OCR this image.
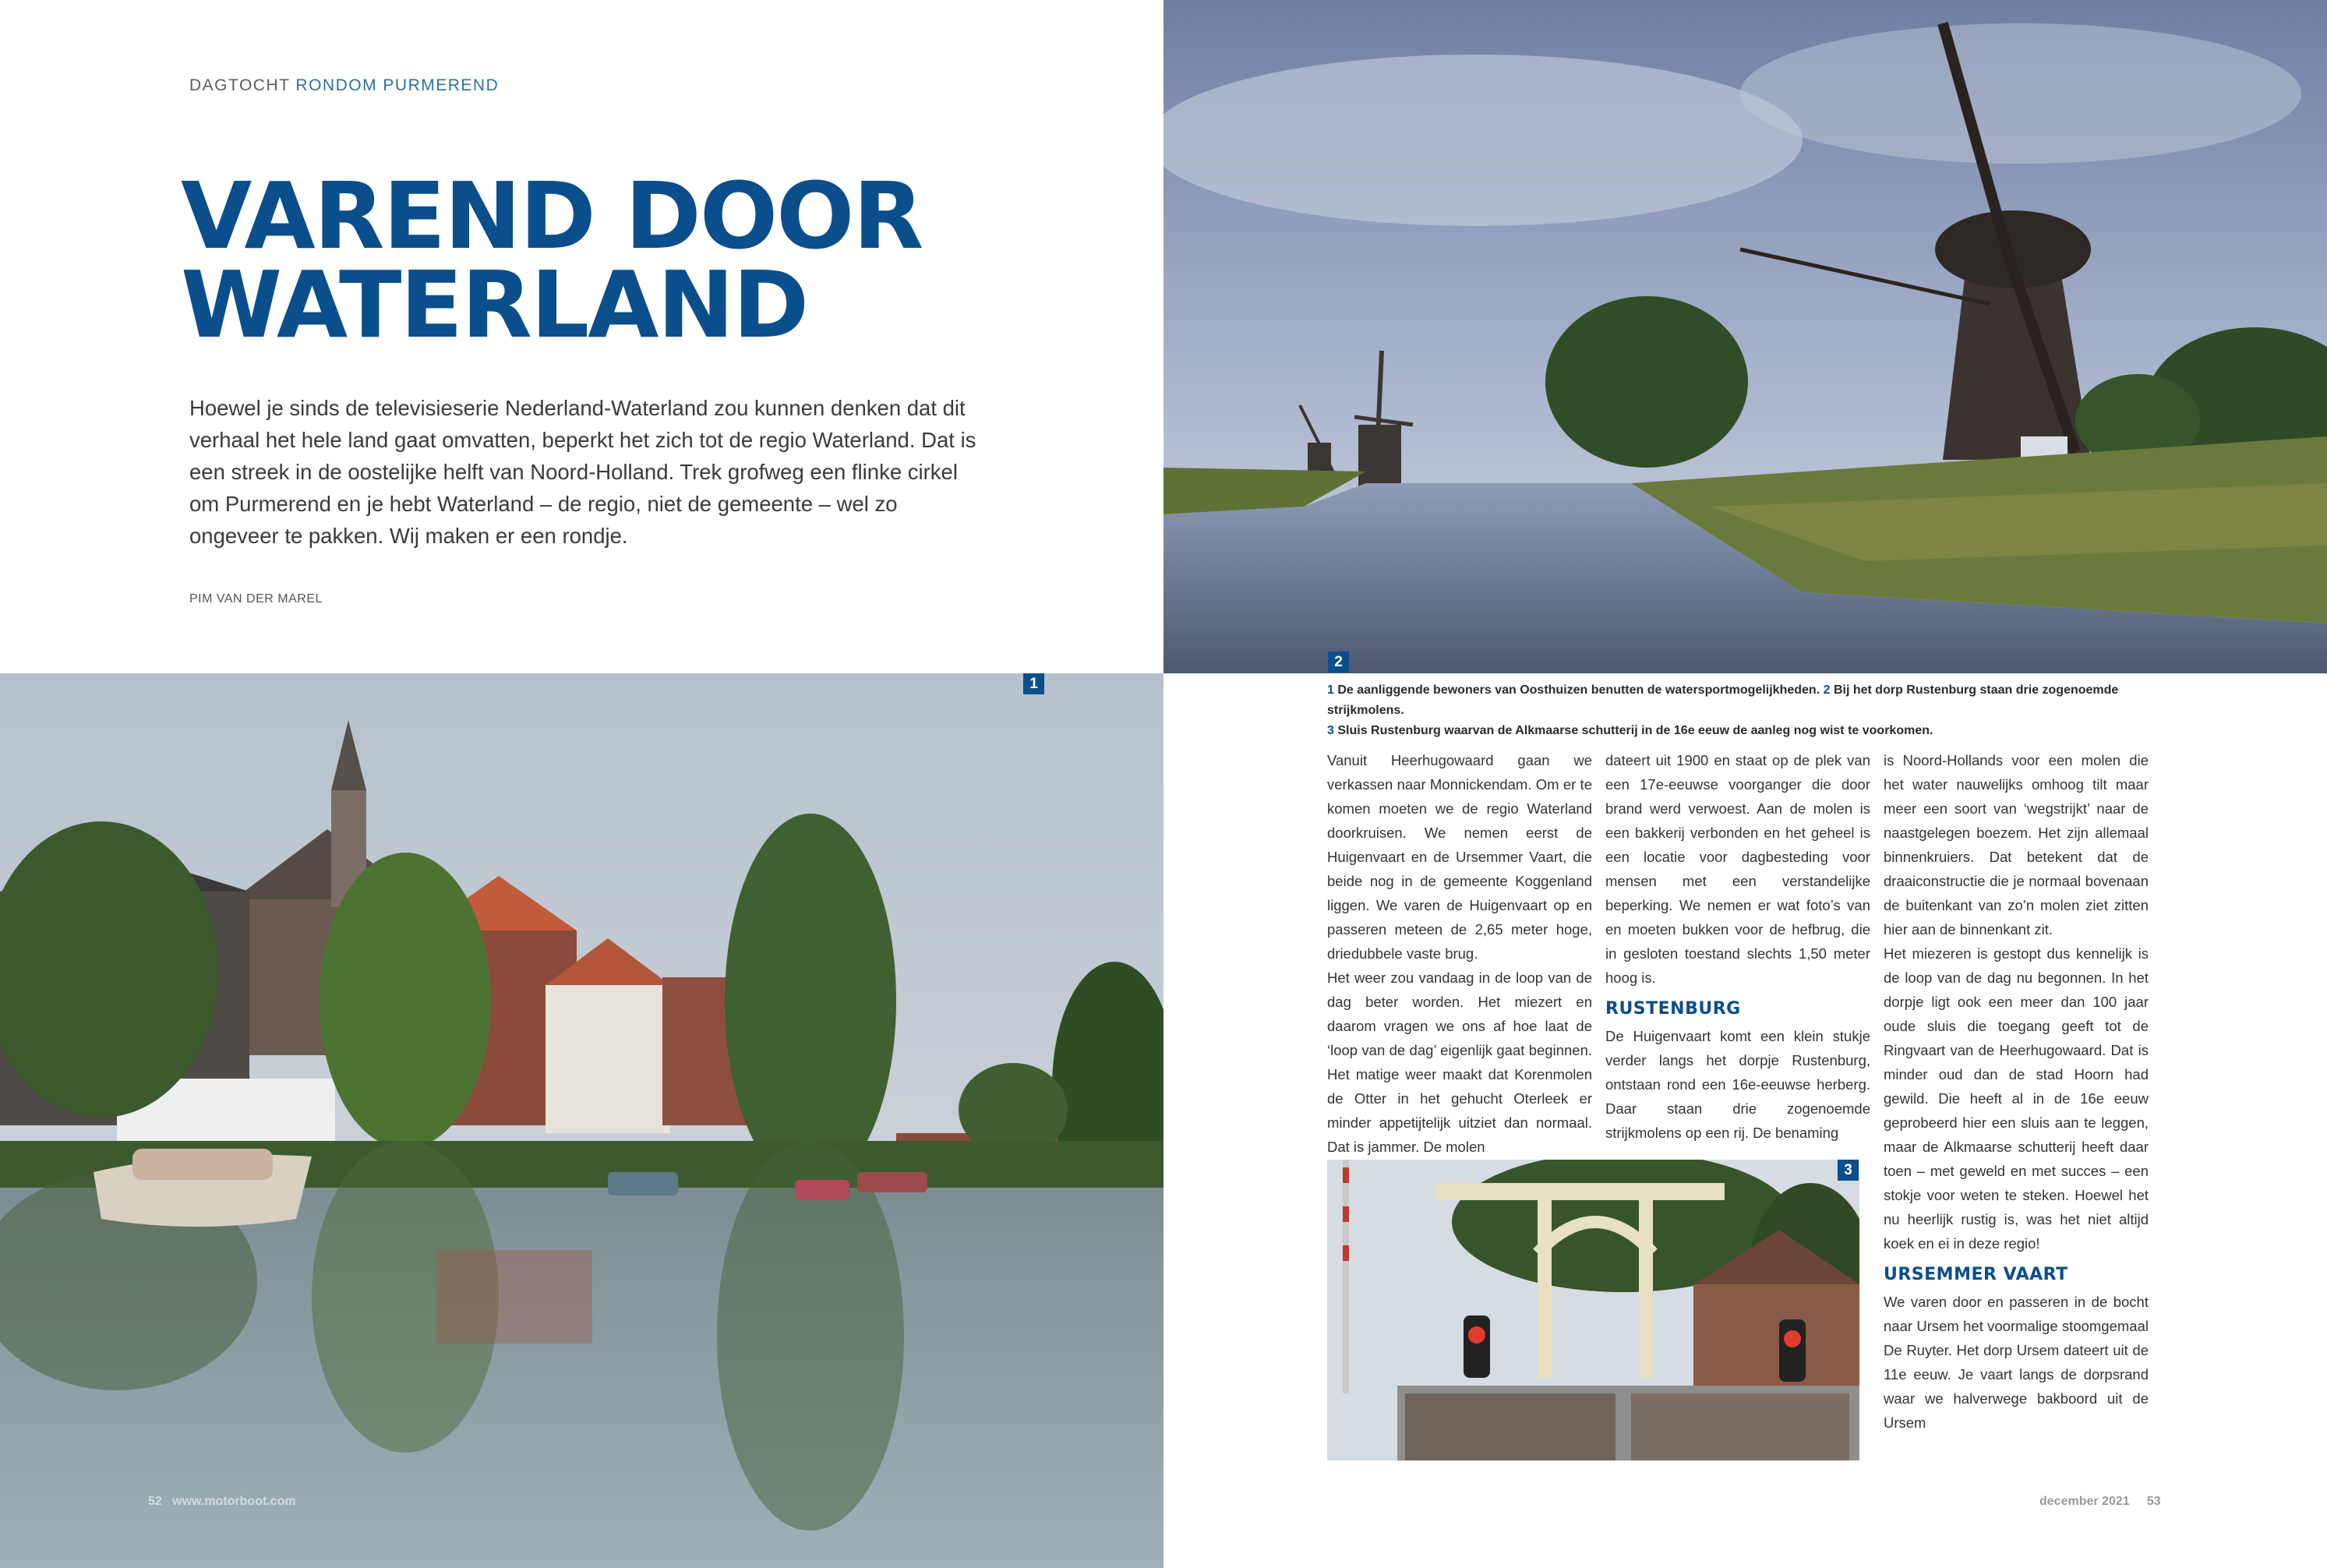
DAGTOCHT RONDOM PURMEREND
VAREND DOOR
WATERLAND

Hoewel je sinds de televisieserie Nederland-Waterland zou kunnen denken dat dit verhaal het hele land gaat omvatten, beperkt het zich tot de regio Waterland. Dat is een streek in de oostelijke helft van Noord-Holland. Trek grofweg een flinke cirkel om Purmerend en je hebt Waterland – de regio, niet de gemeente – wel zo ongeveer te pakken. Wij maken er een rondje.

PIM VAN DER MAREL
1
52 www.motorboot.com
2

1 De aanliggende bewoners van Oosthuizen benutten de watersportmogelijkheden. 2 Bij het dorp Rustenburg staan drie zogenoemde strijkmolens.
3 Sluis Rustenburg waarvan de Alkmaarse schutterij in de 16e eeuw de aanleg nog wist te voorkomen.

Vanuit Heerhugowaard gaan we verkassen naar Monnickendam. Om er te komen moeten we de regio Waterland doorkruisen. We nemen eerst de Huigenvaart en de Ursemmer Vaart, die beide nog in de gemeente Koggenland liggen. We varen de Huigenvaart op en passeren meteen de 2,65 meter hoge, driedubbele vaste brug.

Het weer zou vandaag in de loop van de dag beter worden. Het miezert en daarom vragen we ons af hoe laat de ‘loop van de dag’ eigenlijk gaat beginnen. Het matige weer maakt dat Korenmolen de Otter in het gehucht Oterleek er minder appetijtelijk uitziet dan normaal. Dat is jammer. De molen

dateert uit 1900 en staat op de plek van een 17e-eeuwse voorganger die door brand werd verwoest. Aan de molen is een bakkerij verbonden en het geheel is een locatie voor dagbesteding voor mensen met een verstandelijke beperking. We nemen er wat foto’s van en moeten bukken voor de hefbrug, die in gesloten toestand slechts 1,50 meter hoog is.

RUSTENBURG

De Huigenvaart komt een klein stukje verder langs het dorpje Rustenburg, ontstaan rond een 16e-eeuwse herberg. Daar staan drie zogenoemde strijkmolens op een rij. De benaming

3

is Noord-Hollands voor een molen die het water nauwelijks omhoog tilt maar meer een soort van ‘wegstrijkt’ naar de naastgelegen boezem. Het zijn allemaal binnenkruiers. Dat betekent dat de draaiconstructie die je normaal bovenaan de buitenkant van zo’n molen ziet zitten hier aan de binnenkant zit.

Het miezeren is gestopt dus kennelijk is de loop van de dag nu begonnen. In het dorpje ligt ook een meer dan 100 jaar oude sluis die toegang geeft tot de Ringvaart van de Heerhugowaard. Dat is minder oud dan de stad Hoorn had gewild. Die heeft al in de 16e eeuw geprobeerd hier een sluis aan te leggen, maar de Alkmaarse schutterij heeft daar toen – met geweld en met succes – een stokje voor weten te steken. Hoewel het nu heerlijk rustig is, was het niet altijd koek en ei in deze regio!

URSEMMER VAART

We varen door en passeren in de bocht naar Ursem het voormalige stoomgemaal De Ruyter. Het dorp Ursem dateert uit de 11e eeuw. Je vaart langs de dorpsrand waar we halverwege bakboord uit de Ursem

december 2021 53
